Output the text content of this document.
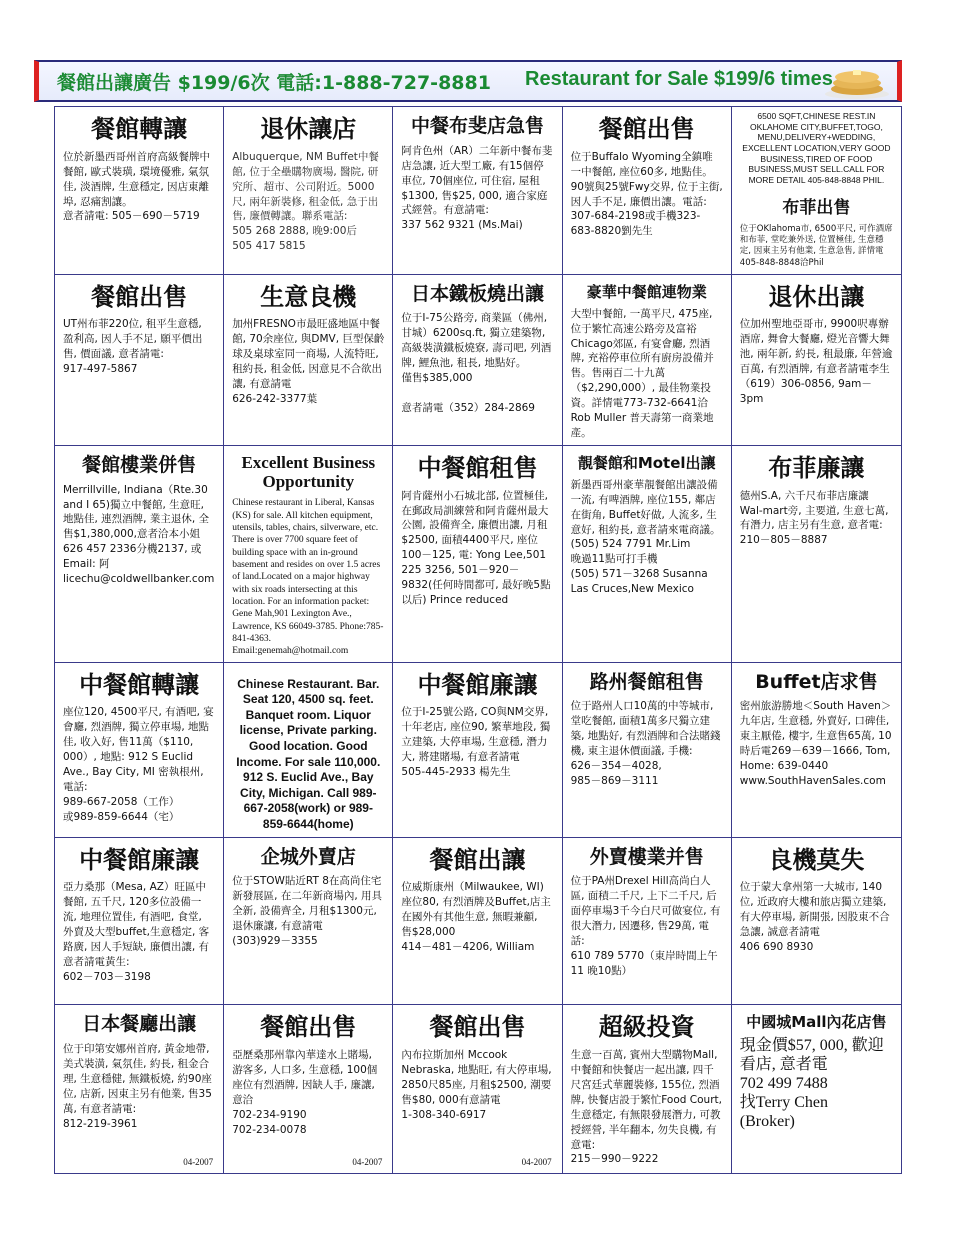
餐館出讓廣告 $199/6次 電話:1-888-727-8881 Restaurant for Sale $199/6 times
餐館轉讓
位於新墨西哥州首府高級餐牌中餐館, 歐式裝璜, 環境優雅, 氣氛佳, 淡酒牌, 生意穩定, 因店東離埠, 忍痛割讓。
意者請電: 505－690－5719
退休讓店
Albuquerque, NM Buffet中餐館, 位于全壘購物廣場, 醫院, 研究所、超市、公司附近。5000尺, 兩年新裝修, 租金低, 急于出售, 廉價轉讓。聯系電話:
505 268 2888, 晚9:00后
505 417 5815
中餐布斐店急售
阿肯色州（AR）二年新中餐布斐店急讓, 近大型工廠, 有15個停車位, 70個座位, 可住宿, 屋租$1300, 售$25, 000, 適合家庭式經營。有意請電:
337 562 9321 (Ms.Mai)
餐館出售
位于Buffalo Wyoming全鎮唯一中餐館, 座位60多, 地點佳。90號與25號Fwy交界, 位于主街, 因人手不足, 廉價出讓。電話: 307-684-2198或手機323-683-8820劉先生
6500 SQFT,CHINESE REST.IN OKLAHOME CITY,BUFFET,TOGO, MENU,DELIVERY+WEDDING, EXCELLENT LOCATION,VERY GOOD BUSINESS,TIRED OF FOOD BUSINESS,MUST SELL.CALL FOR MORE DETAIL 405-848-8848 PHIL.
布菲出售
位于OKlahoma市, 6500平尺, 可作酒席和布菲, 堂吃兼外送, 位置極佳, 生意穩定, 因東主另有他業, 生意急售, 詳情電405-848-8848洽Phil
餐館出售
UT州布菲220位, 租平生意穩, 盈利高, 因人手不足, 願平價出售, 價面議, 意者請電:
917-497-5867
生意良機
加州FRESNO市最旺盛地區中餐館, 70余座位, 與DMV, 巨型保齡球及桌球室同一商場, 人流特旺, 租約長, 租金低, 因意見不合欲出讓, 有意請電
626-242-3377葉
日本鐵板燒出讓
位于I-75公路旁, 商業區（佛州, 甘城）6200sq.ft, 獨立建築物, 高級裝潢鐵板燒寮, 壽司吧, 列酒牌, 鯉魚池, 租長, 地點好。
僅售$385,000

意者請電（352）284-2869
豪華中餐館連物業
大型中餐館, 一萬平尺, 475座, 位于繁忙高速公路旁及富裕Chicago郊區, 有宴會廳, 烈酒牌, 充裕停車位所有廚房設備并售。售兩百二十九萬（$2,290,000）, 最佳物業投資。詳情電773-732-6641洽Rob Muller 普天壽第一商業地產。
退休出讓
位加州聖地亞哥市, 9900呎專辦酒席, 舞會大餐廳, 燈光音響大舞池, 兩年新, 約長, 租最廉, 年營逾百萬, 有烈酒牌, 有意者請電李生（619）306-0856, 9am－3pm
餐館樓業併售
Merrillville, Indiana（Rte.30 and I 65)獨立中餐館, 生意旺, 地點佳, 連烈酒牌, 業主退休, 全售$1,380,000,意者洽本小姐626 457 2336分機2137, 或Email: 阿licechu@coldwellbanker.com
Excellent Business Opportunity
Chinese restaurant in Liberal, Kansas (KS) for sale. All kitchen equipment, utensils, tables, chairs, silverware, etc. There is over 7700 square feet of building space with an in-ground basement and resides on over 1.5 acres of land.Located on a major highway with six roads intersecting at this location. For an information packet: Gene Mah,901 Lexington Ave., Lawrence, KS 66049-3785. Phone:785-841-4363. Email:genemah@hotmail.com
中餐館租售
阿肯薩州小石城北部, 位置極佳, 在郵政局訓練營和阿肯薩州最大公園, 設備齊全, 廉價出讓, 月租$2500, 面積4400平尺, 座位100－125, 電: Yong Lee,501 225 3256, 501－920－9832(任何時間都可, 最好晚5點以后) Prince reduced
靚餐館和Motel出讓
新墨西哥州豪華靚餐館出讓設備一流, 有啤酒牌, 座位155, 鄰店在街角, Buffet好做, 人流多, 生意好, 租約長, 意者請來電商議。
(505) 524 7791 Mr.Lim
晚過11點可打手機
(505) 571－3268 Susanna
Las Cruces,New Mexico
布菲廉讓
德州S.A, 六千尺布菲店廉讓 Wal-mart旁, 主要道, 生意七萬, 有潛力, 店主另有生意, 意者電:
210－805－8887
中餐館轉讓
座位120, 4500平尺, 有酒吧, 宴會廳, 烈酒牌, 獨立停車場, 地點佳, 收入好, 售11萬（$110, 000）, 地點: 912 S Euclid Ave., Bay City, MI 密執根州, 電話:
989-667-2058（工作）
或989-859-6644（宅）
Chinese Restaurant. Bar.
Seat 120, 4500 sq. feet. Banquet room. Liquor license, Private parking. Good location. Good Income. For sale 110,000. 912 S. Euclid Ave., Bay City, Michigan. Call 989-667-2058(work) or 989-859-6644(home)
中餐館廉讓
位于I-25號公路, CO與NM交界, 十年老店, 座位90, 繁華地段, 獨立建築, 大停車場, 生意穩, 潛力大, 將建賭場, 有意者請電
505-445-2933 楊先生
路州餐館租售
位于路州人口10萬的中等城市, 堂吃餐館, 面積1萬多尺獨立建築, 地點好, 有烈酒牌和合法賭錢機, 東主退休價面議, 手機:
626－354－4028,
985－869－3111
Buffet店求售
密州旅游勝地＜South Haven＞九年店, 生意穩, 外賣好, 口碑佳, 東主厭倦, 樓宇, 生意售65萬, 10時后電269－639－1666, Tom, Home: 639-0440
www.SouthHavenSales.com
中餐館廉讓
亞力桑那（Mesa, AZ）旺區中餐館, 五千尺, 120多位設備一流, 地理位置佳, 有酒吧, 食堂, 外賣及大型buffet,生意穩定, 客路廣, 因人手短缺, 廉價出讓, 有意者請電黃生:
602－703－3198
企城外賣店
位于STOW貼近RT 8在高尚住宅新發展區, 在二年新商場內, 用具全新, 設備齊全, 月租$1300元, 退休廉讓, 有意請電
(303)929－3355
餐館出讓
位威斯康州（Milwaukee, WI)座位80, 有烈酒牌及Buffet,店主在國外有其他生意, 無暇兼顧,
售$28,000
414－481－4206, William
外賣樓業并售
位于PA州Drexel Hill高尚白人區, 面積二千尺, 上下二千尺, 后面停車場3千今白尺可做宴位, 有很大潛力, 因遷移, 售29萬, 電話:
610 789 5770（東岸時間上午11 晚10點）
良機莫失
位于蒙大拿州第一大城市, 140位, 近政府大樓和旅店獨立建築, 有大停車場, 新開張, 因股東不合急讓, 誠意者請電
406 690 8930
日本餐廳出讓
位于印第安娜州首府, 黃金地帶, 美式裝潢, 氣氛佳, 約長, 租金合理, 生意穩健, 無鐵板燒, 約90座位, 店新, 因東主另有他業, 售35萬, 有意者請電:
812-219-3961
04-2007
餐館出售
亞歷桑那州靠內華達水上賭場, 游客多, 人口多, 生意穩, 100個座位有烈酒牌, 因缺人手, 廉讓, 意洽
702-234-9190
702-234-0078
04-2007
餐館出售
內布拉斯加州 Mccook Nebraska, 地點旺, 有大停車場, 2850尺85座, 月租$2500, 潮要售$80, 000有意請電
1-308-340-6917
04-2007
超級投資
生意一百萬, 賓州大型購物Mall, 中餐館和快餐店一起出讓, 四千尺宮廷式華麗裝修, 155位, 烈酒牌, 快餐店設于繁忙Food Court,生意穩定, 有無限發展潛力, 可教授經營, 半年翻本, 勿失良機, 有意電:
215－990－9222
中國城Mall內花店售
現金價$57, 000, 歡迎看店, 意者電
702 499 7488
找Terry Chen
(Broker)
